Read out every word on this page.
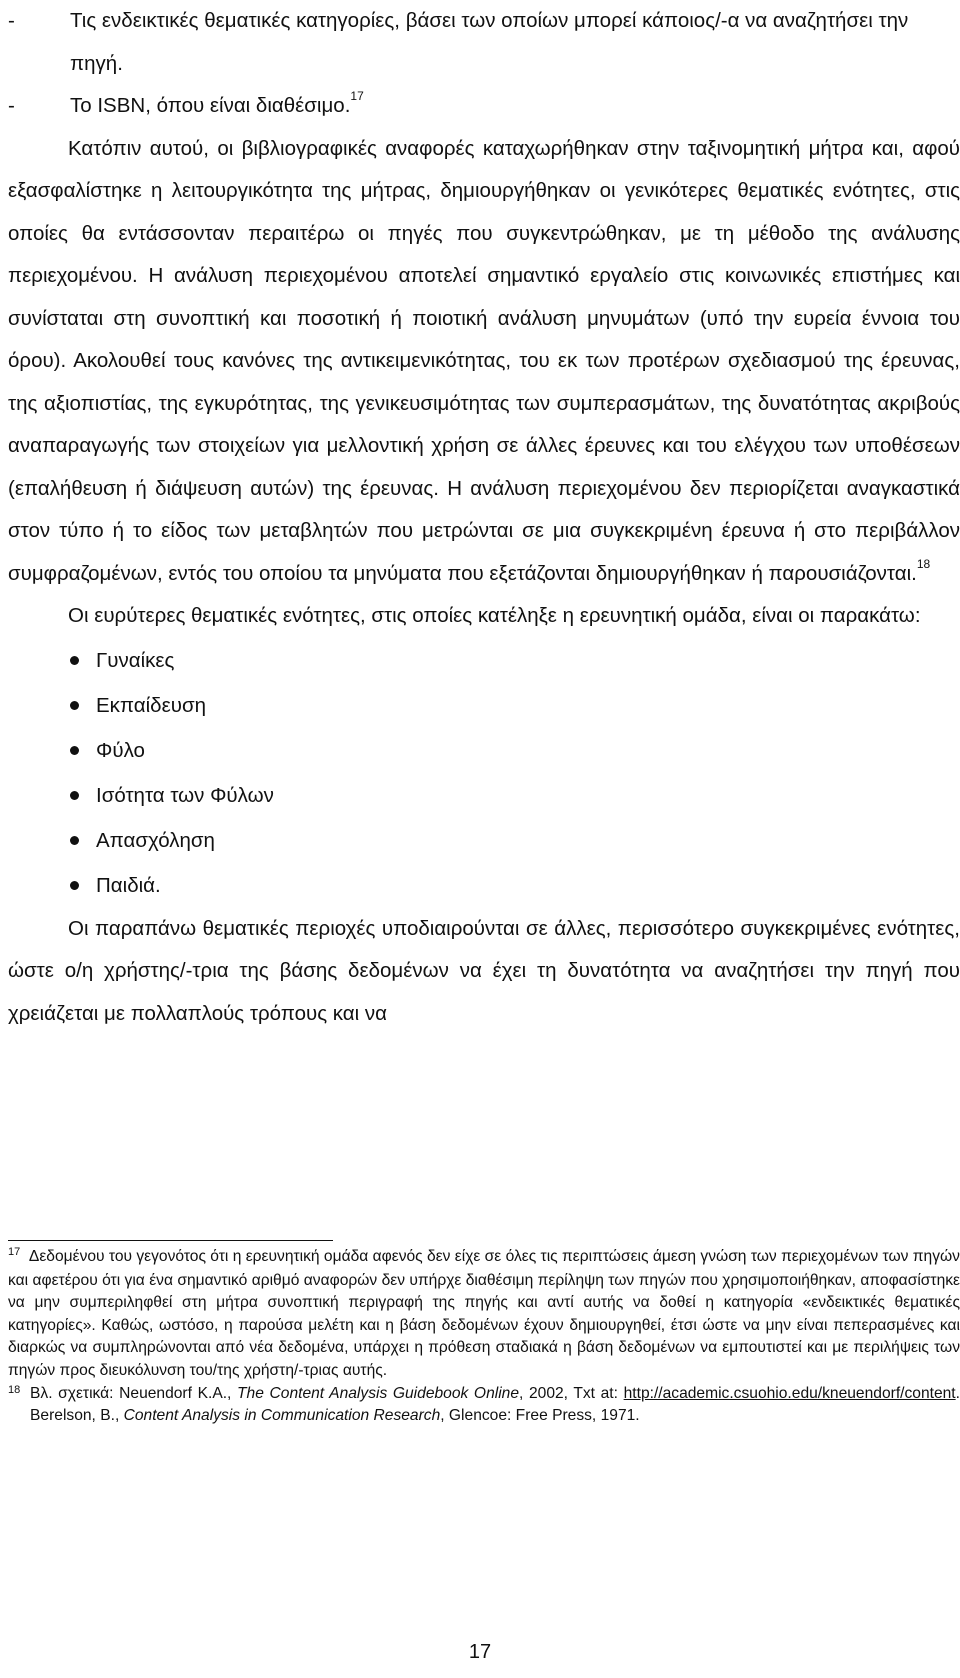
-	Τις ενδεικτικές θεματικές κατηγορίες, βάσει των οποίων μπορεί κάποιος/-α να αναζητήσει την πηγή.

-	Το ISBN, όπου είναι διαθέσιμο.$^{17}$

Κατόπιν αυτού, οι βιβλιογραφικές αναφορές καταχωρήθηκαν στην ταξινομητική μήτρα και, αφού εξασφαλίστηκε η λειτουργικότητα της μήτρας, δημιουργήθηκαν οι γενικότερες θεματικές ενότητες, στις οποίες θα εντάσσονταν περαιτέρω οι πηγές που συγκεντρώθηκαν, με τη μέθοδο της ανάλυσης περιεχομένου. Η ανάλυση περιεχομένου αποτελεί σημαντικό εργαλείο στις κοινωνικές επιστήμες και συνίσταται στη συνοπτική και ποσοτική ή ποιοτική ανάλυση μηνυμάτων (υπό την ευρεία έννοια του όρου). Ακολουθεί τους κανόνες της αντικειμενικότητας, του εκ των προτέρων σχεδιασμού της έρευνας, της αξιοπιστίας, της εγκυρότητας, της γενικευσιμότητας των συμπερασμάτων, της δυνατότητας ακριβούς αναπαραγωγής των στοιχείων για μελλοντική χρήση σε άλλες έρευνες και του ελέγχου των υποθέσεων (επαλήθευση ή διάψευση αυτών) της έρευνας. Η ανάλυση περιεχομένου δεν περιορίζεται αναγκαστικά στον τύπο ή το είδος των μεταβλητών που μετρώνται σε μια συγκεκριμένη έρευνα ή στο περιβάλλον συμφραζομένων, εντός του οποίου τα μηνύματα που εξετάζονται δημιουργήθηκαν ή παρουσιάζονται.$^{18}$

Οι ευρύτερες θεματικές ενότητες, στις οποίες κατέληξε η ερευνητική ομάδα, είναι οι παρακάτω:

Γυναίκες
Εκπαίδευση
Φύλο
Ισότητα των Φύλων
Απασχόληση
Παιδιά.

Οι παραπάνω θεματικές περιοχές υποδιαιρούνται σε άλλες, περισσότερο συγκεκριμένες ενότητες, ώστε ο/η χρήστης/-τρια της βάσης δεδομένων να έχει τη δυνατότητα να αναζητήσει την πηγή που χρειάζεται με πολλαπλούς τρόπους και να

$^{17}$ Δεδομένου του γεγονότος ότι η ερευνητική ομάδα αφενός δεν είχε σε όλες τις περιπτώσεις άμεση γνώση των περιεχομένων των πηγών και αφετέρου ότι για ένα σημαντικό αριθμό αναφορών δεν υπήρχε διαθέσιμη περίληψη των πηγών που χρησιμοποιήθηκαν, αποφασίστηκε να μην συμπεριληφθεί στη μήτρα συνοπτική περιγραφή της πηγής και αντί αυτής να δοθεί η κατηγορία «ενδεικτικές θεματικές κατηγορίες». Καθώς, ωστόσο, η παρούσα μελέτη και η βάση δεδομένων έχουν δημιουργηθεί, έτσι ώστε να μην είναι πεπερασμένες και διαρκώς να συμπληρώνονται από νέα δεδομένα, υπάρχει η πρόθεση σταδιακά η βάση δεδομένων να εμπουτιστεί και με περιλήψεις των πηγών προς διευκόλυνση του/της χρήστη/-τριας αυτής.

18 Βλ. σχετικά: Neuendorf K.A., The Content Analysis Guidebook Online, 2002, Txt at: http://academic.csuohio.edu/kneuendorf/content. Berelson, B., Content Analysis in Communication Research, Glencoe: Free Press, 1971.

17
